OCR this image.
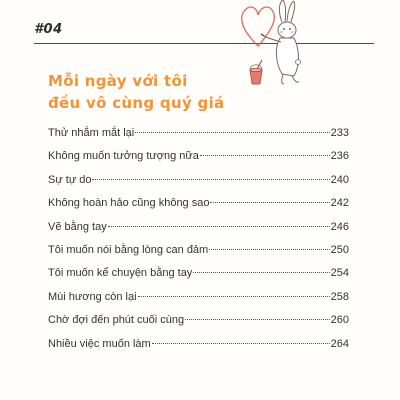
#04
Mỗi ngày với tôi
đều vô cùng quý giá
Thử nhắm mắt lại	233
Không muốn tưởng tượng nữa	236
Sự tự do	240
Không hoàn hảo cũng không sao	242
Vẽ bằng tay	246
Tôi muốn nói bằng lòng can đảm	250
Tôi muốn kể chuyện bằng tay	254
Mùi hương còn lại	258
Chờ đợi đến phút cuối cùng	260
Nhiều việc muốn làm	264
